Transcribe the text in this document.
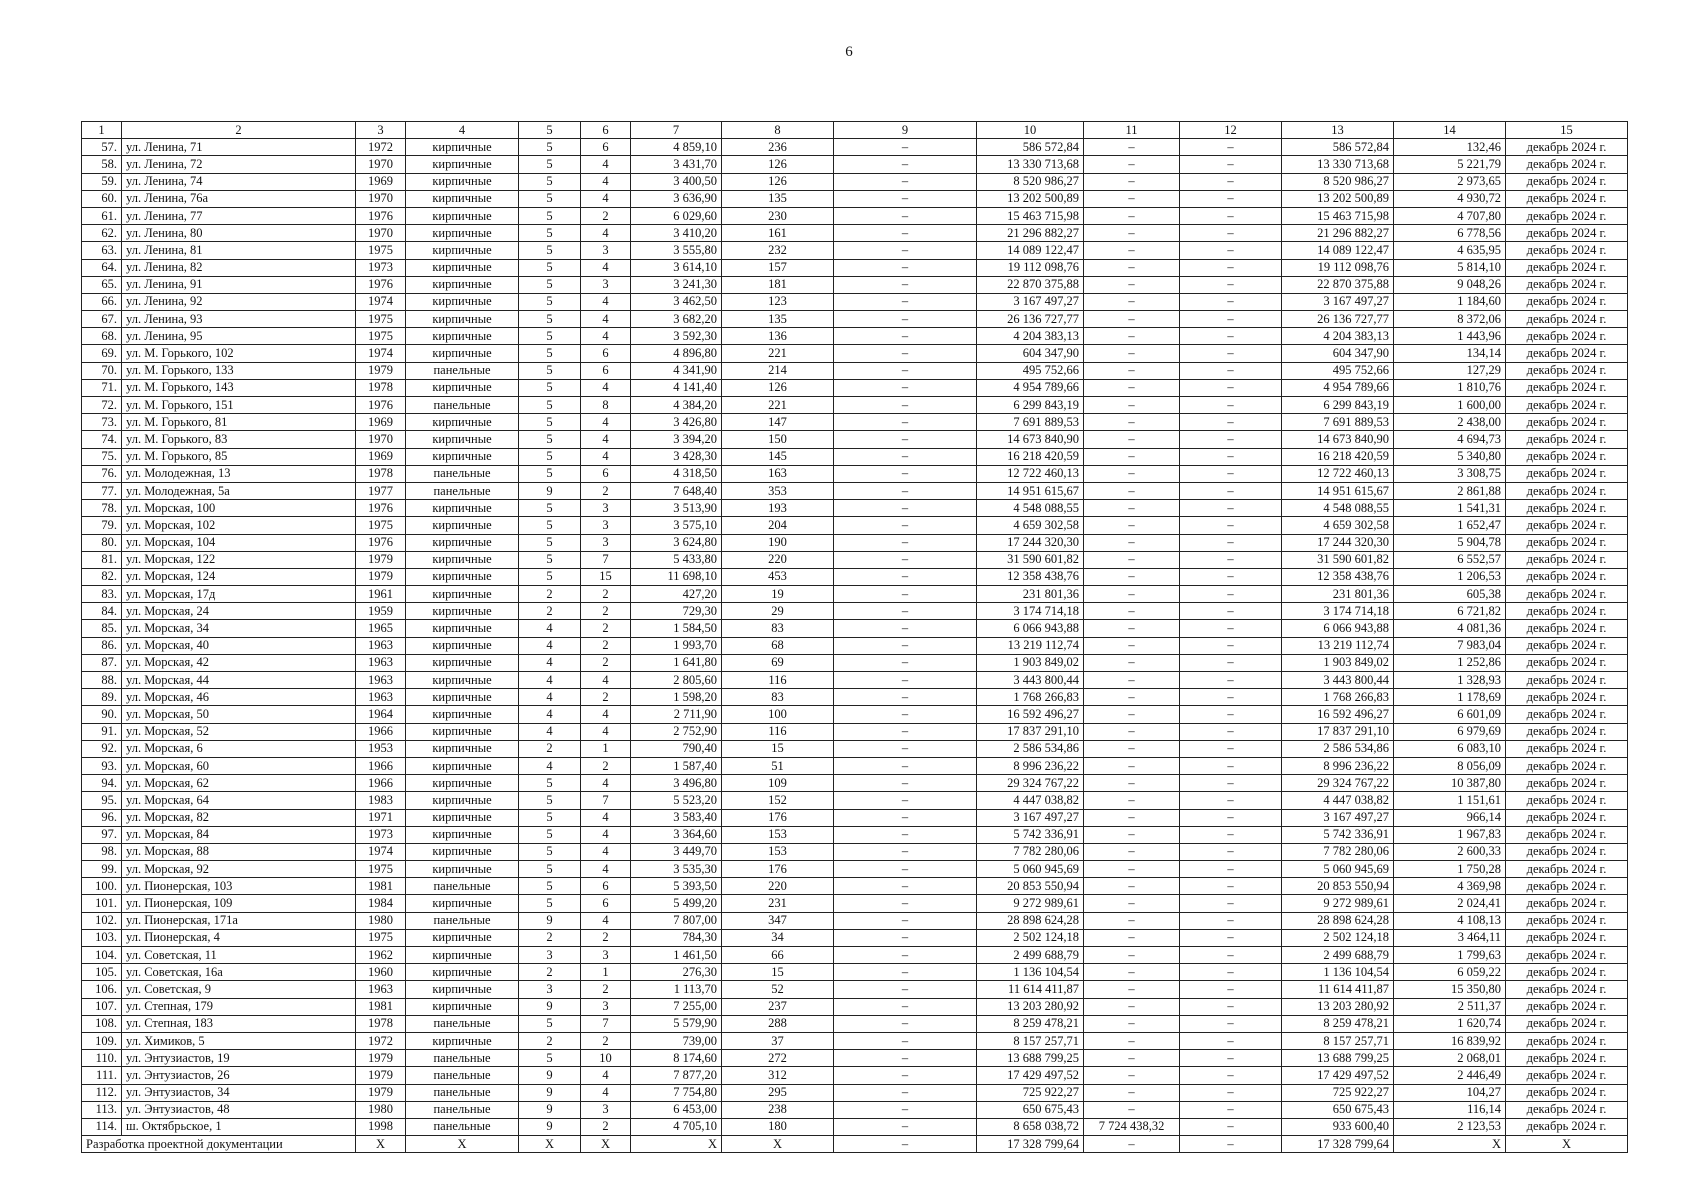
6
1	2	3	4	5	6	7	8	9	10	11	12	13	14	15
57.	ул. Ленина, 71	1972	кирпичные	5	6	4 859,10	236	–	586 572,84	–	–	586 572,84	132,46	декабрь 2024 г.
58.	ул. Ленина, 72	1970	кирпичные	5	4	3 431,70	126	–	13 330 713,68	–	–	13 330 713,68	5 221,79	декабрь 2024 г.
59.	ул. Ленина, 74	1969	кирпичные	5	4	3 400,50	126	–	8 520 986,27	–	–	8 520 986,27	2 973,65	декабрь 2024 г.
60.	ул. Ленина, 76а	1970	кирпичные	5	4	3 636,90	135	–	13 202 500,89	–	–	13 202 500,89	4 930,72	декабрь 2024 г.
61.	ул. Ленина, 77	1976	кирпичные	5	2	6 029,60	230	–	15 463 715,98	–	–	15 463 715,98	4 707,80	декабрь 2024 г.
62.	ул. Ленина, 80	1970	кирпичные	5	4	3 410,20	161	–	21 296 882,27	–	–	21 296 882,27	6 778,56	декабрь 2024 г.
63.	ул. Ленина, 81	1975	кирпичные	5	3	3 555,80	232	–	14 089 122,47	–	–	14 089 122,47	4 635,95	декабрь 2024 г.
64.	ул. Ленина, 82	1973	кирпичные	5	4	3 614,10	157	–	19 112 098,76	–	–	19 112 098,76	5 814,10	декабрь 2024 г.
65.	ул. Ленина, 91	1976	кирпичные	5	3	3 241,30	181	–	22 870 375,88	–	–	22 870 375,88	9 048,26	декабрь 2024 г.
66.	ул. Ленина, 92	1974	кирпичные	5	4	3 462,50	123	–	3 167 497,27	–	–	3 167 497,27	1 184,60	декабрь 2024 г.
67.	ул. Ленина, 93	1975	кирпичные	5	4	3 682,20	135	–	26 136 727,77	–	–	26 136 727,77	8 372,06	декабрь 2024 г.
68.	ул. Ленина, 95	1975	кирпичные	5	4	3 592,30	136	–	4 204 383,13	–	–	4 204 383,13	1 443,96	декабрь 2024 г.
69.	ул. М. Горького, 102	1974	кирпичные	5	6	4 896,80	221	–	604 347,90	–	–	604 347,90	134,14	декабрь 2024 г.
70.	ул. М. Горького, 133	1979	панельные	5	6	4 341,90	214	–	495 752,66	–	–	495 752,66	127,29	декабрь 2024 г.
71.	ул. М. Горького, 143	1978	кирпичные	5	4	4 141,40	126	–	4 954 789,66	–	–	4 954 789,66	1 810,76	декабрь 2024 г.
72.	ул. М. Горького, 151	1976	панельные	5	8	4 384,20	221	–	6 299 843,19	–	–	6 299 843,19	1 600,00	декабрь 2024 г.
73.	ул. М. Горького, 81	1969	кирпичные	5	4	3 426,80	147	–	7 691 889,53	–	–	7 691 889,53	2 438,00	декабрь 2024 г.
74.	ул. М. Горького, 83	1970	кирпичные	5	4	3 394,20	150	–	14 673 840,90	–	–	14 673 840,90	4 694,73	декабрь 2024 г.
75.	ул. М. Горького, 85	1969	кирпичные	5	4	3 428,30	145	–	16 218 420,59	–	–	16 218 420,59	5 340,80	декабрь 2024 г.
76.	ул. Молодежная, 13	1978	панельные	5	6	4 318,50	163	–	12 722 460,13	–	–	12 722 460,13	3 308,75	декабрь 2024 г.
77.	ул. Молодежная, 5а	1977	панельные	9	2	7 648,40	353	–	14 951 615,67	–	–	14 951 615,67	2 861,88	декабрь 2024 г.
78.	ул. Морская, 100	1976	кирпичные	5	3	3 513,90	193	–	4 548 088,55	–	–	4 548 088,55	1 541,31	декабрь 2024 г.
79.	ул. Морская, 102	1975	кирпичные	5	3	3 575,10	204	–	4 659 302,58	–	–	4 659 302,58	1 652,47	декабрь 2024 г.
80.	ул. Морская, 104	1976	кирпичные	5	3	3 624,80	190	–	17 244 320,30	–	–	17 244 320,30	5 904,78	декабрь 2024 г.
81.	ул. Морская, 122	1979	кирпичные	5	7	5 433,80	220	–	31 590 601,82	–	–	31 590 601,82	6 552,57	декабрь 2024 г.
82.	ул. Морская, 124	1979	кирпичные	5	15	11 698,10	453	–	12 358 438,76	–	–	12 358 438,76	1 206,53	декабрь 2024 г.
83.	ул. Морская, 17д	1961	кирпичные	2	2	427,20	19	–	231 801,36	–	–	231 801,36	605,38	декабрь 2024 г.
84.	ул. Морская, 24	1959	кирпичные	2	2	729,30	29	–	3 174 714,18	–	–	3 174 714,18	6 721,82	декабрь 2024 г.
85.	ул. Морская, 34	1965	кирпичные	4	2	1 584,50	83	–	6 066 943,88	–	–	6 066 943,88	4 081,36	декабрь 2024 г.
86.	ул. Морская, 40	1963	кирпичные	4	2	1 993,70	68	–	13 219 112,74	–	–	13 219 112,74	7 983,04	декабрь 2024 г.
87.	ул. Морская, 42	1963	кирпичные	4	2	1 641,80	69	–	1 903 849,02	–	–	1 903 849,02	1 252,86	декабрь 2024 г.
88.	ул. Морская, 44	1963	кирпичные	4	4	2 805,60	116	–	3 443 800,44	–	–	3 443 800,44	1 328,93	декабрь 2024 г.
89.	ул. Морская, 46	1963	кирпичные	4	2	1 598,20	83	–	1 768 266,83	–	–	1 768 266,83	1 178,69	декабрь 2024 г.
90.	ул. Морская, 50	1964	кирпичные	4	4	2 711,90	100	–	16 592 496,27	–	–	16 592 496,27	6 601,09	декабрь 2024 г.
91.	ул. Морская, 52	1966	кирпичные	4	4	2 752,90	116	–	17 837 291,10	–	–	17 837 291,10	6 979,69	декабрь 2024 г.
92.	ул. Морская, 6	1953	кирпичные	2	1	790,40	15	–	2 586 534,86	–	–	2 586 534,86	6 083,10	декабрь 2024 г.
93.	ул. Морская, 60	1966	кирпичные	4	2	1 587,40	51	–	8 996 236,22	–	–	8 996 236,22	8 056,09	декабрь 2024 г.
94.	ул. Морская, 62	1966	кирпичные	5	4	3 496,80	109	–	29 324 767,22	–	–	29 324 767,22	10 387,80	декабрь 2024 г.
95.	ул. Морская, 64	1983	кирпичные	5	7	5 523,20	152	–	4 447 038,82	–	–	4 447 038,82	1 151,61	декабрь 2024 г.
96.	ул. Морская, 82	1971	кирпичные	5	4	3 583,40	176	–	3 167 497,27	–	–	3 167 497,27	966,14	декабрь 2024 г.
97.	ул. Морская, 84	1973	кирпичные	5	4	3 364,60	153	–	5 742 336,91	–	–	5 742 336,91	1 967,83	декабрь 2024 г.
98.	ул. Морская, 88	1974	кирпичные	5	4	3 449,70	153	–	7 782 280,06	–	–	7 782 280,06	2 600,33	декабрь 2024 г.
99.	ул. Морская, 92	1975	кирпичные	5	4	3 535,30	176	–	5 060 945,69	–	–	5 060 945,69	1 750,28	декабрь 2024 г.
100.	ул. Пионерская, 103	1981	панельные	5	6	5 393,50	220	–	20 853 550,94	–	–	20 853 550,94	4 369,98	декабрь 2024 г.
101.	ул. Пионерская, 109	1984	кирпичные	5	6	5 499,20	231	–	9 272 989,61	–	–	9 272 989,61	2 024,41	декабрь 2024 г.
102.	ул. Пионерская, 171а	1980	панельные	9	4	7 807,00	347	–	28 898 624,28	–	–	28 898 624,28	4 108,13	декабрь 2024 г.
103.	ул. Пионерская, 4	1975	кирпичные	2	2	784,30	34	–	2 502 124,18	–	–	2 502 124,18	3 464,11	декабрь 2024 г.
104.	ул. Советская, 11	1962	кирпичные	3	3	1 461,50	66	–	2 499 688,79	–	–	2 499 688,79	1 799,63	декабрь 2024 г.
105.	ул. Советская, 16а	1960	кирпичные	2	1	276,30	15	–	1 136 104,54	–	–	1 136 104,54	6 059,22	декабрь 2024 г.
106.	ул. Советская, 9	1963	кирпичные	3	2	1 113,70	52	–	11 614 411,87	–	–	11 614 411,87	15 350,80	декабрь 2024 г.
107.	ул. Степная, 179	1981	кирпичные	9	3	7 255,00	237	–	13 203 280,92	–	–	13 203 280,92	2 511,37	декабрь 2024 г.
108.	ул. Степная, 183	1978	панельные	5	7	5 579,90	288	–	8 259 478,21	–	–	8 259 478,21	1 620,74	декабрь 2024 г.
109.	ул. Химиков, 5	1972	кирпичные	2	2	739,00	37	–	8 157 257,71	–	–	8 157 257,71	16 839,92	декабрь 2024 г.
110.	ул. Энтузиастов, 19	1979	панельные	5	10	8 174,60	272	–	13 688 799,25	–	–	13 688 799,25	2 068,01	декабрь 2024 г.
111.	ул. Энтузиастов, 26	1979	панельные	9	4	7 877,20	312	–	17 429 497,52	–	–	17 429 497,52	2 446,49	декабрь 2024 г.
112.	ул. Энтузиастов, 34	1979	панельные	9	4	7 754,80	295	–	725 922,27	–	–	725 922,27	104,27	декабрь 2024 г.
113.	ул. Энтузиастов, 48	1980	панельные	9	3	6 453,00	238	–	650 675,43	–	–	650 675,43	116,14	декабрь 2024 г.
114.	ш. Октябрьское, 1	1998	панельные	9	2	4 705,10	180	–	8 658 038,72	7 724 438,32	–	933 600,40	2 123,53	декабрь 2024 г.
Разработка проектной документации		X	X	X	X	X	X	–	17 328 799,64	–	–	17 328 799,64	X	X
